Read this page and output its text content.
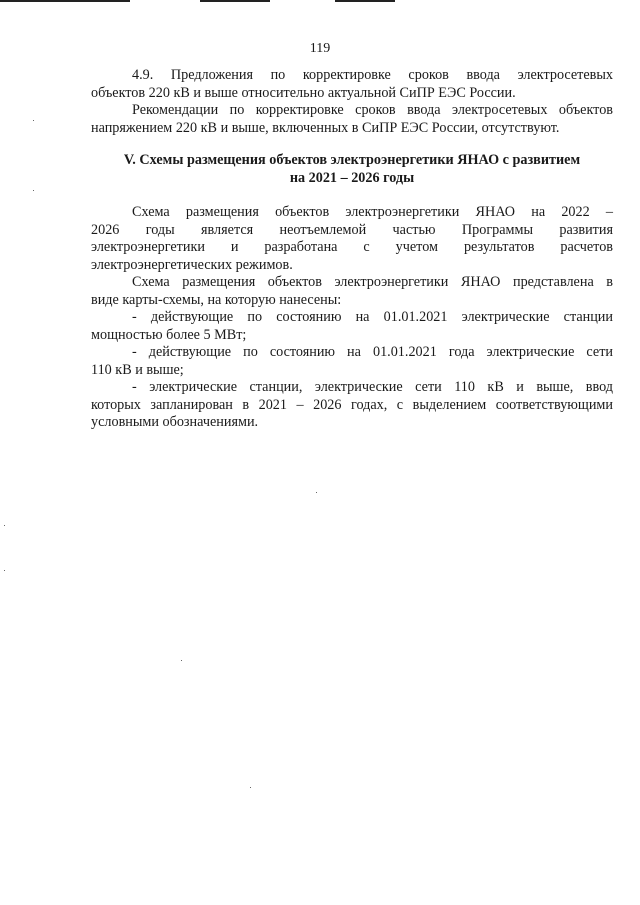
119
4.9. Предложения по корректировке сроков ввода электросетевых
объектов 220 кВ и выше относительно актуальной СиПР ЕЭС России.
Рекомендации по корректировке сроков ввода электросетевых объектов
напряжением 220 кВ и выше, включенных в СиПР ЕЭС России, отсутствуют.
V. Схемы размещения объектов электроэнергетики ЯНАО с развитием
на 2021 – 2026 годы
Схема размещения объектов электроэнергетики ЯНАО на 2022 –
2026 годы является неотъемлемой частью Программы развития
электроэнергетики и разработана с учетом результатов расчетов
электроэнергетических режимов.
Схема размещения объектов электроэнергетики ЯНАО представлена в
виде карты-схемы, на которую нанесены:
- действующие по состоянию на 01.01.2021 электрические станции
мощностью более 5 МВт;
- действующие по состоянию на 01.01.2021 года электрические сети
110 кВ и выше;
- электрические станции, электрические сети 110 кВ и выше, ввод
которых запланирован в 2021 – 2026 годах, с выделением соответствующими
условными обозначениями.
